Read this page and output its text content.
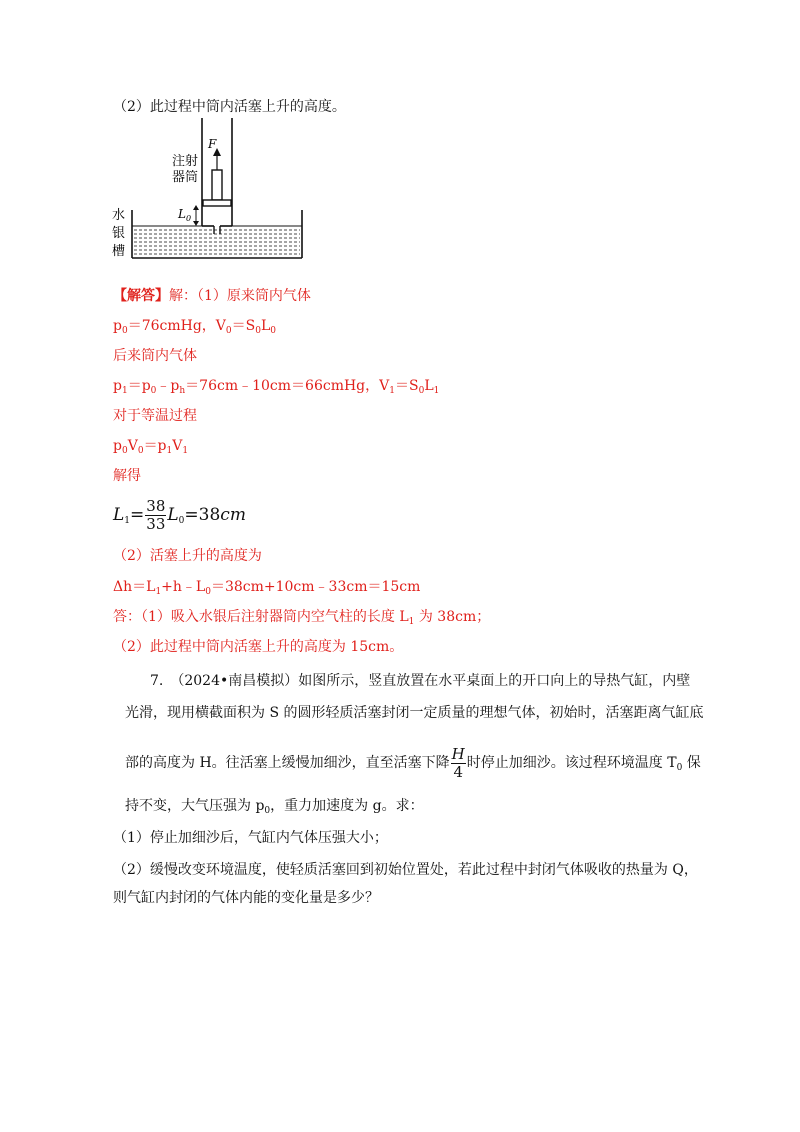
（2）此过程中筒内活塞上升的高度。
F
注射
器筒
$L_0$
水
银
槽
【解答】解：（1）原来筒内气体
$p_0=76cmHg$，$V_0=S_0L_0$
后来筒内气体
$p_1=p_0﹣p_h=76cm﹣10cm=66cmHg$，$V_1=S_0L_1$
对于等温过程
$p_0V_0=p_1V_1$
解得
$L_1= \frac{38}{33} L_0=38cm$
（2）活塞上升的高度为
$\Delta h=L_1+h﹣L_0=38cm+10cm﹣33cm=15cm$
答：（1）吸入水银后注射器筒内空气柱的长度 $L_1$ 为 38cm；
（2）此过程中筒内活塞上升的高度为 15cm。
7.　（2024•南昌模拟）如图所示，竖直放置在水平桌面上的开口向上的导热气缸，内壁
光滑，现用横截面积为 S 的圆形轻质活塞封闭一定质量的理想气体，初始时，活塞距离气缸底
部的高度为 H。往活塞上缓慢加细沙，直至活塞下降 $\frac{H}{4}$ 时停止加细沙。该过程环境温度 $T_0$ 保
持不变，大气压强为 $p_0$，重力加速度为 g。求：
（1）停止加细沙后，气缸内气体压强大小；
（2）缓慢改变环境温度，使轻质活塞回到初始位置处，若此过程中封闭气体吸收的热量为 Q，
则气缸内封闭的气体内能的变化量是多少？
